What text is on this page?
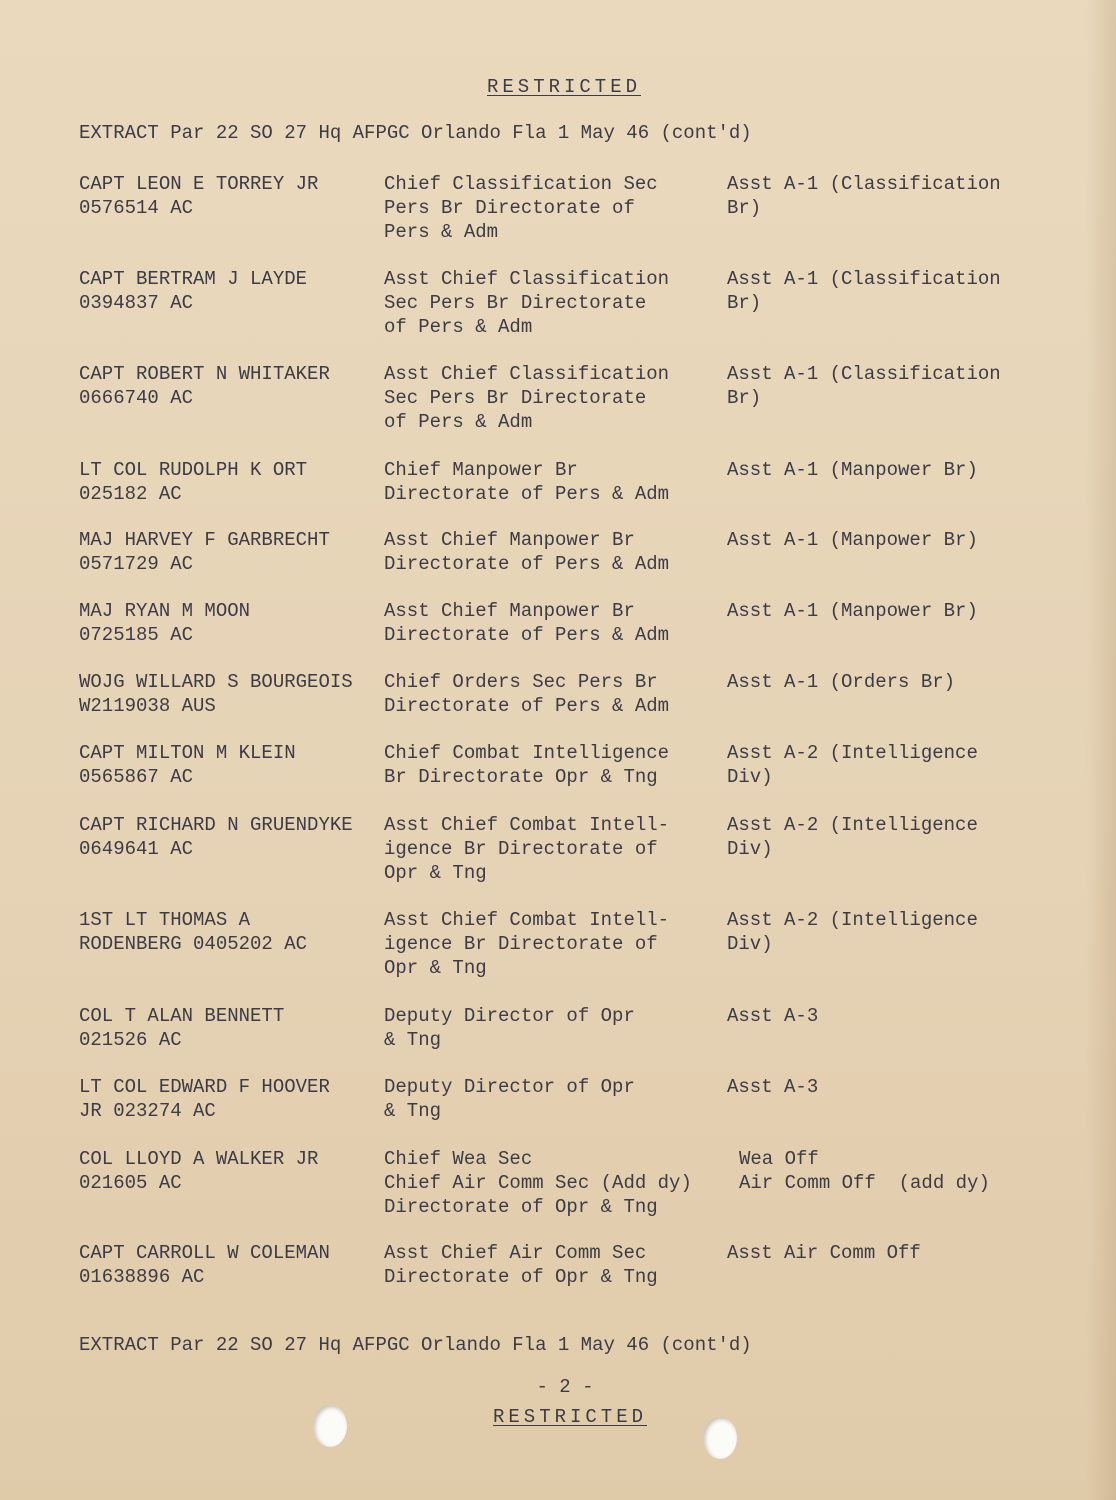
RESTRICTED
EXTRACT Par 22 SO 27 Hq AFPGC Orlando Fla 1 May 46 (cont'd)
CAPT LEON E TORREY JR
0576514 AC
Chief Classification Sec
Pers Br Directorate of
Pers & Adm
Asst A-1 (Classification
Br)
CAPT BERTRAM J LAYDE
0394837 AC
Asst Chief Classification
Sec Pers Br Directorate
of Pers & Adm
Asst A-1 (Classification
Br)
CAPT ROBERT N WHITAKER
0666740 AC
Asst Chief Classification
Sec Pers Br Directorate
of Pers & Adm
Asst A-1 (Classification
Br)
LT COL RUDOLPH K ORT
025182 AC
Chief Manpower Br
Directorate of Pers & Adm
Asst A-1 (Manpower Br)
MAJ HARVEY F GARBRECHT
0571729 AC
Asst Chief Manpower Br
Directorate of Pers & Adm
Asst A-1 (Manpower Br)
MAJ RYAN M MOON
0725185 AC
Asst Chief Manpower Br
Directorate of Pers & Adm
Asst A-1 (Manpower Br)
WOJG WILLARD S BOURGEOIS
W2119038 AUS
Chief Orders Sec Pers Br
Directorate of Pers & Adm
Asst A-1 (Orders Br)
CAPT MILTON M KLEIN
0565867 AC
Chief Combat Intelligence
Br Directorate Opr & Tng
Asst A-2 (Intelligence
Div)
CAPT RICHARD N GRUENDYKE
0649641 AC
Asst Chief Combat Intell-
igence Br Directorate of
Opr & Tng
Asst A-2 (Intelligence
Div)
1ST LT THOMAS A
RODENBERG 0405202 AC
Asst Chief Combat Intell-
igence Br Directorate of
Opr & Tng
Asst A-2 (Intelligence
Div)
COL T ALAN BENNETT
021526 AC
Deputy Director of Opr
& Tng
Asst A-3
LT COL EDWARD F HOOVER
JR 023274 AC
Deputy Director of Opr
& Tng
Asst A-3
COL LLOYD A WALKER JR
021605 AC
Chief Wea Sec
Chief Air Comm Sec (Add dy)
Directorate of Opr & Tng
Wea Off
Air Comm Off  (add dy)
CAPT CARROLL W COLEMAN
01638896 AC
Asst Chief Air Comm Sec
Directorate of Opr & Tng
Asst Air Comm Off
EXTRACT Par 22 SO 27 Hq AFPGC Orlando Fla 1 May 46 (cont'd)
- 2 -
RESTRICTED
